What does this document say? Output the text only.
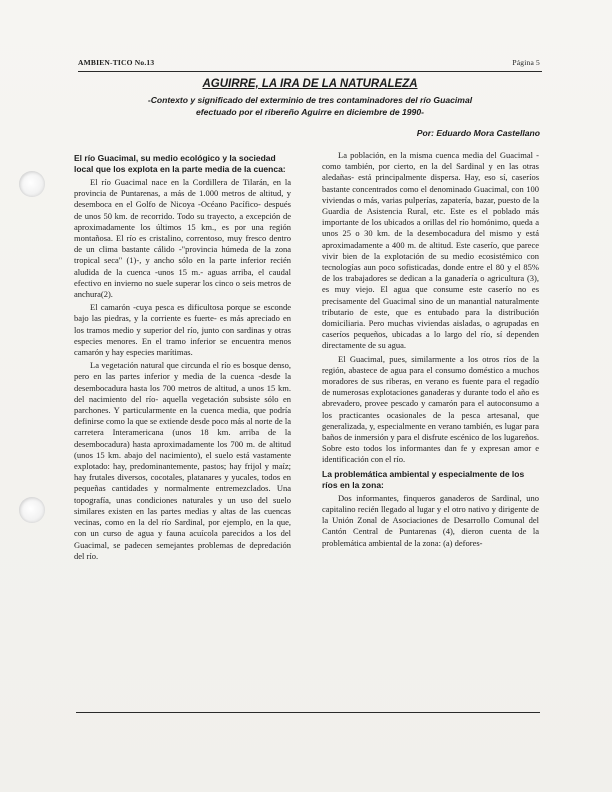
AMBIEN-TICO No.13	Página 5
AGUIRRE, LA IRA DE LA NATURALEZA
-Contexto y significado del exterminio de tres contaminadores del río Guacimal
efectuado por el ribereño Aguirre en diciembre de 1990-
Por: Eduardo Mora Castellano
El río Guacimal, su medio ecológico y la sociedad local que los explota en la parte media de la cuenca:

El río Guacimal nace en la Cordillera de Tilarán, en la provincia de Puntarenas, a más de 1.000 metros de altitud, y desemboca en el Golfo de Nicoya -Océano Pacífico- después de unos 50 km. de recorrido. Todo su trayecto, a excepción de aproximadamente los últimos 15 km., es por una región montañosa. El río es cristalino, correntoso, muy fresco dentro de un clima bastante cálido -"provincia húmeda de la zona tropical seca" (1)-, y ancho sólo en la parte inferior recién aludida de la cuenca -unos 15 m.- aguas arriba, el caudal efectivo en invierno no suele superar los cinco o seis metros de anchura(2).

El camarón -cuya pesca es dificultosa porque se esconde bajo las piedras, y la corriente es fuerte- es más apreciado en los tramos medio y superior del río, junto con sardinas y otras especies menores. En el tramo inferior se encuentra menos camarón y hay especies marítimas.

La vegetación natural que circunda el río es bosque denso, pero en las partes inferior y media de la cuenca -desde la desembocadura hasta los 700 metros de altitud, a unos 15 km. del nacimiento del río- aquella vegetación subsiste sólo en parchones. Y particularmente en la cuenca media, que podría definirse como la que se extiende desde poco más al norte de la carretera Interamericana (unos 18 km. arriba de la desembocadura) hasta aproximadamente los 700 m. de altitud (unos 15 km. abajo del nacimiento), el suelo está vastamente explotado: hay, predominantemente, pastos; hay frijol y maíz; hay frutales diversos, cocotales, platanares y yucales, todos en pequeñas cantidades y normalmente entremezclados. Una topografía, unas condiciones naturales y un uso del suelo similares existen en las partes medias y altas de las cuencas vecinas, como en la del río Sardinal, por ejemplo, en la que, con un curso de agua y fauna acuícola parecidos a los del Guacimal, se padecen semejantes problemas de depredación del río.

La población, en la misma cuenca media del Guacimal -como también, por cierto, en la del Sardinal y en las otras aledañas- está principalmente dispersa. Hay, eso sí, caseríos bastante concentrados como el denominado Guacimal, con 100 viviendas o más, varias pulperías, zapatería, bazar, puesto de la Guardia de Asistencia Rural, etc. Este es el poblado más importante de los ubicados a orillas del río homónimo, queda a unos 25 o 30 km. de la desembocadura del mismo y está aproximadamente a 400 m. de altitud. Este caserío, que parece vivir bien de la explotación de su medio ecosistémico con tecnologías aun poco sofisticadas, donde entre el 80 y el 85% de los trabajadores se dedican a la ganadería o agricultura (3), es muy viejo. El agua que consume este caserío no es precisamente del Guacimal sino de un manantial naturalmente tributario de este, que es entubado para la distribución domiciliaria. Pero muchas viviendas aisladas, o agrupadas en caseríos pequeños, ubicadas a lo largo del río, sí dependen directamente de su agua.

El Guacimal, pues, similarmente a los otros ríos de la región, abastece de agua para el consumo doméstico a muchos moradores de sus riberas, en verano es fuente para el regadío de numerosas explotaciones ganaderas y durante todo el año es abrevadero, provee pescado y camarón para el autoconsumo a los practicantes ocasionales de la pesca artesanal, que generalizada, y, especialmente en verano también, es lugar para baños de inmersión y para el disfrute escénico de los lugareños. Sobre esto todos los informantes dan fe y expresan amor e identificación con el río.

La problemática ambiental y especialmente de los ríos en la zona:

Dos informantes, finqueros ganaderos de Sardinal, uno capitalino recién llegado al lugar y el otro nativo y dirigente de la Unión Zonal de Asociaciones de Desarrollo Comunal del Cantón Central de Puntarenas (4), dieron cuenta de la problemática ambiental de la zona: (a) defores-
